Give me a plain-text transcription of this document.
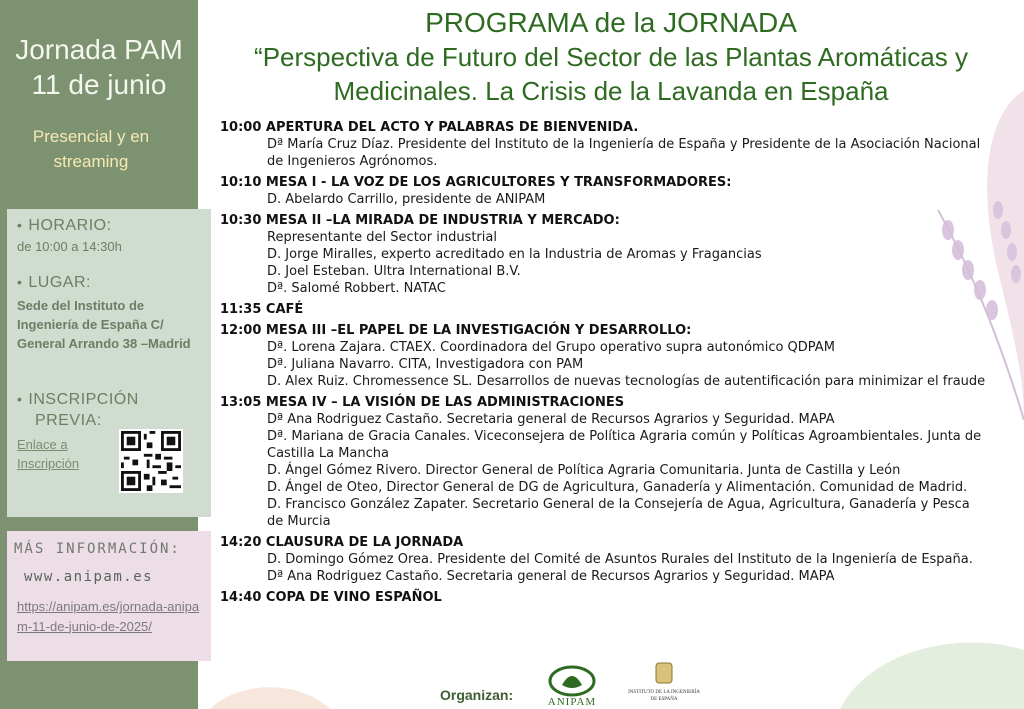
Jornada PAM
11 de junio
Presencial y en streaming
• HORARIO:
de 10:00 a 14:30h
• LUGAR:
Sede del Instituto de Ingeniería de España C/ General Arrando 38 –Madrid
• INSCRIPCIÓN
PREVIA:
Enlace a
Inscripción
MÁS INFORMACIÓN:
www.anipam.es
https://anipam.es/jornada-anipam-11-de-junio-de-2025/
PROGRAMA de la JORNADA
“Perspectiva de Futuro del Sector de las Plantas Aromáticas y
Medicinales. La Crisis de la Lavanda en España
10:00 APERTURA DEL ACTO Y PALABRAS DE BIENVENIDA.
Dª María Cruz Díaz. Presidente del Instituto de la Ingeniería de España y Presidente de la Asociación Nacional de Ingenieros Agrónomos.
10:10 MESA I - LA VOZ DE LOS AGRICULTORES Y TRANSFORMADORES:
D. Abelardo Carrillo, presidente de ANIPAM
10:30 MESA II –LA MIRADA DE INDUSTRIA Y MERCADO:
Representante del Sector industrial
D. Jorge Miralles, experto acreditado en la Industria de Aromas y Fragancias
D. Joel Esteban. Ultra International B.V.
Dª. Salomé Robbert. NATAC
11:35 CAFÉ
12:00 MESA III –EL PAPEL DE LA INVESTIGACIÓN Y DESARROLLO:
Dª. Lorena Zajara. CTAEX. Coordinadora del Grupo operativo supra autonómico QDPAM
Dª. Juliana Navarro. CITA, Investigadora con PAM
D. Alex Ruiz. Chromessence SL. Desarrollos de nuevas tecnologías de autentificación para minimizar el fraude
13:05 MESA IV – LA VISIÓN DE LAS ADMINISTRACIONES
Dª Ana Rodriguez Castaño. Secretaria general de Recursos Agrarios y Seguridad. MAPA
Dª. Mariana de Gracia Canales. Viceconsejera de Política Agraria común y Políticas Agroambientales. Junta de Castilla La Mancha
D. Ángel Gómez Rivero. Director General de Política Agraria Comunitaria. Junta de Castilla y León
D. Ángel de Oteo, Director General de DG de Agricultura, Ganadería y Alimentación. Comunidad de Madrid.
D. Francisco González Zapater. Secretario General de la Consejería de Agua, Agricultura, Ganadería y Pesca de Murcia
14:20 CLAUSURA DE LA JORNADA
D. Domingo Gómez Orea. Presidente del Comité de Asuntos Rurales del Instituto de la Ingeniería de España.
Dª Ana Rodriguez Castaño. Secretaria general de Recursos Agrarios y Seguridad. MAPA
14:40 COPA DE VINO ESPAÑOL
Organizan:	ANIPAM
INSTITUTO DE LA INGENIERÍA
DE ESPAÑA
